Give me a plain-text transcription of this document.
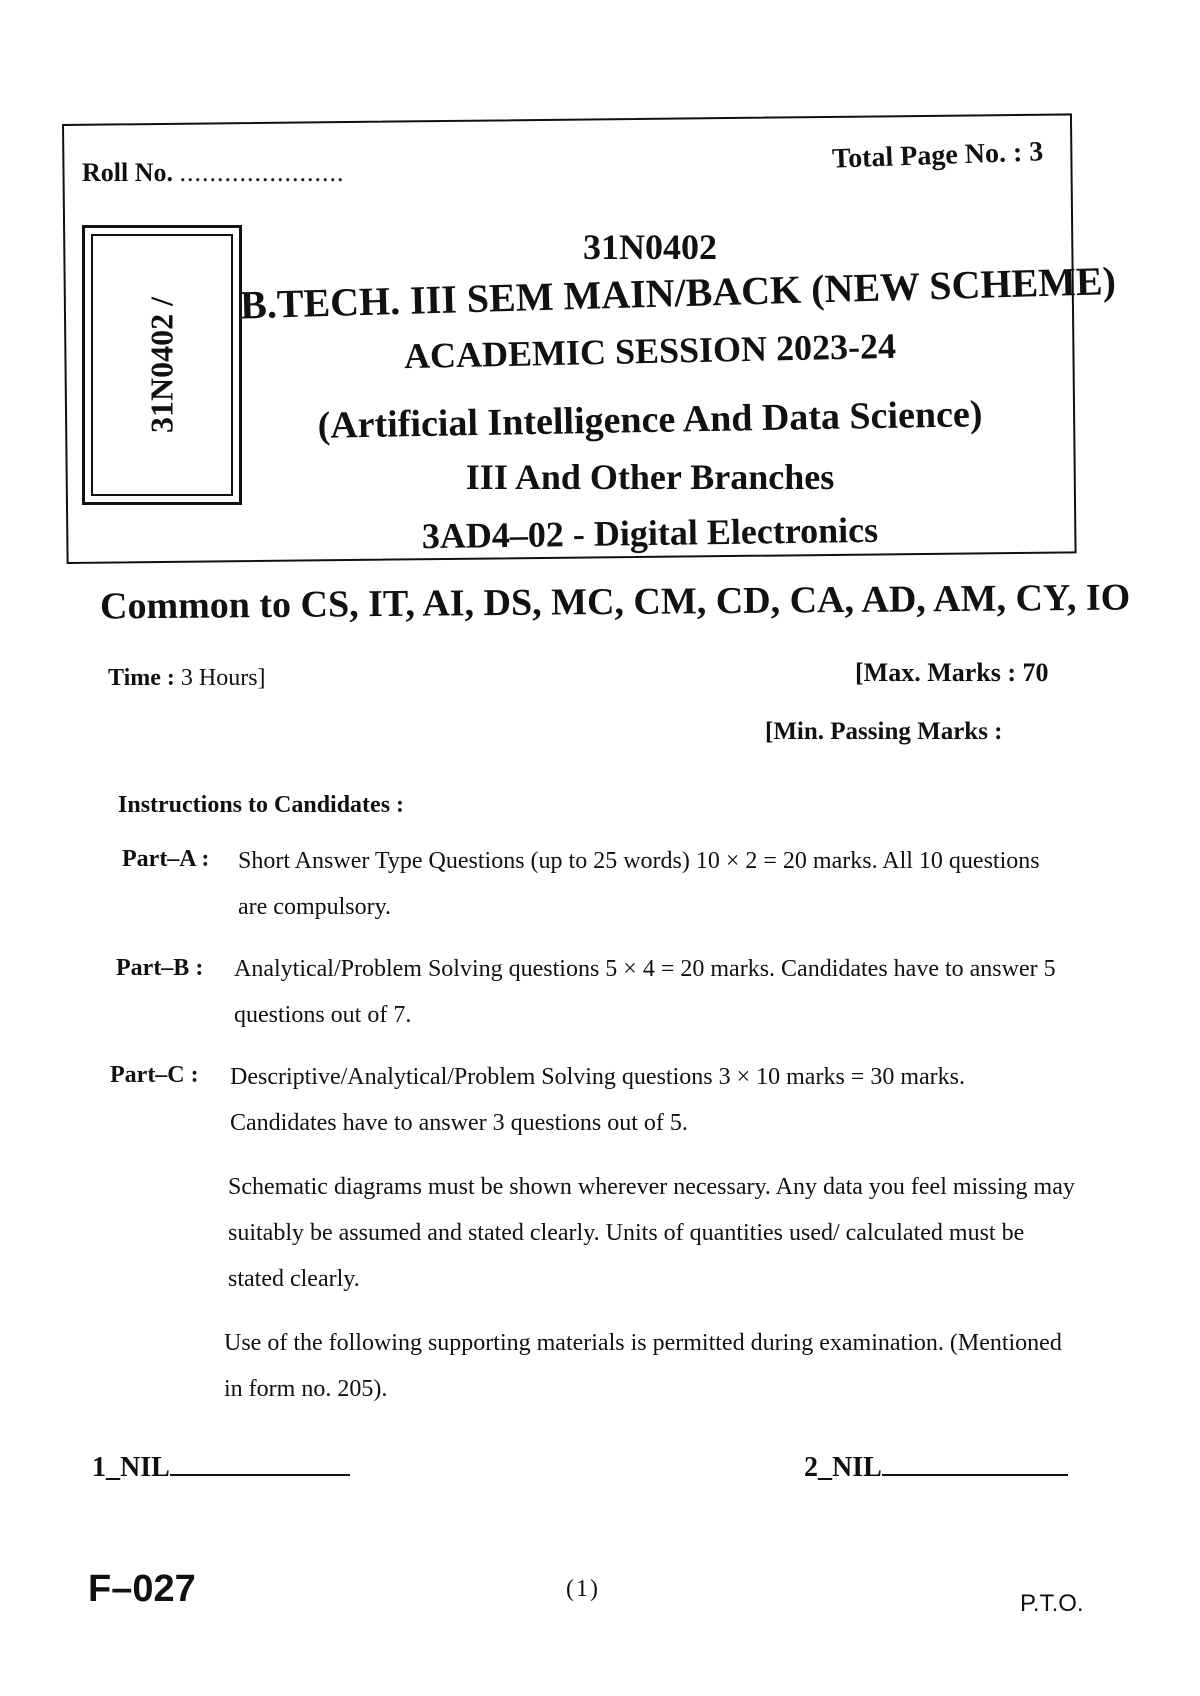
Roll No. ......................	Total Page No. : 3
31N0402 /
31N0402
B.TECH. III SEM MAIN/BACK (NEW SCHEME)
ACADEMIC SESSION 2023-24
(Artificial Intelligence And Data Science)
III And Other Branches
3AD4–02 - Digital Electronics
Common to CS, IT, AI, DS, MC, CM, CD, CA, AD, AM, CY, IO
Time : 3 Hours]	[Max. Marks : 70
[Min. Passing Marks :
Instructions to Candidates :
Part–A : Short Answer Type Questions (up to 25 words) 10 × 2 = 20 marks. All 10 questions are compulsory.
Part–B : Analytical/Problem Solving questions 5 × 4 = 20 marks. Candidates have to answer 5 questions out of 7.
Part–C : Descriptive/Analytical/Problem Solving questions 3 × 10 marks = 30 marks. Candidates have to answer 3 questions out of 5.
Schematic diagrams must be shown wherever necessary. Any data you feel missing may suitably be assumed and stated clearly. Units of quantities used/ calculated must be stated clearly.
Use of the following supporting materials is permitted during examination. (Mentioned in form no. 205).
1_NIL	2_NIL
F–027	(1)
P.T.O.
